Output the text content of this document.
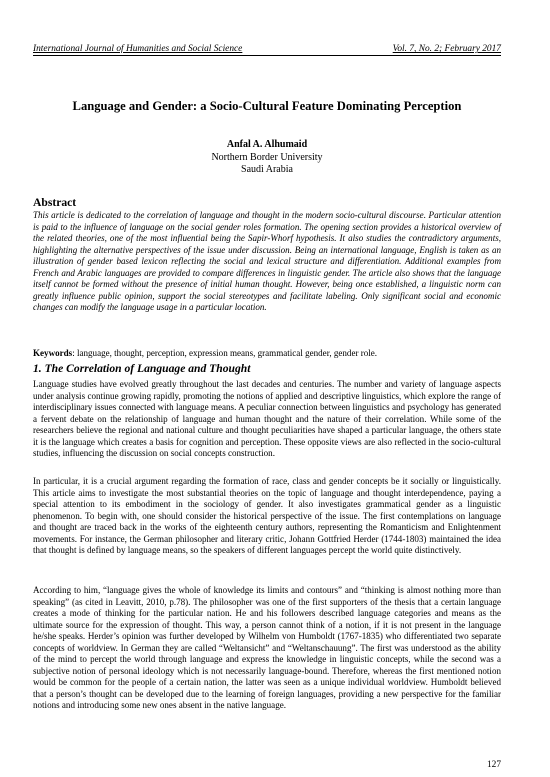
International Journal of Humanities and Social Science	Vol. 7, No. 2; February 2017
Language and Gender: a Socio-Cultural Feature Dominating Perception
Anfal A. Alhumaid
Northern Border University
Saudi Arabia
Abstract
This article is dedicated to the correlation of language and thought in the modern socio-cultural discourse. Particular attention is paid to the influence of language on the social gender roles formation. The opening section provides a historical overview of the related theories, one of the most influential being the Sapir-Whorf hypothesis. It also studies the contradictory arguments, highlighting the alternative perspectives of the issue under discussion. Being an international language, English is taken as an illustration of gender based lexicon reflecting the social and lexical structure and differentiation. Additional examples from French and Arabic languages are provided to compare differences in linguistic gender. The article also shows that the language itself cannot be formed without the presence of initial human thought. However, being once established, a linguistic norm can greatly influence public opinion, support the social stereotypes and facilitate labeling. Only significant social and economic changes can modify the language usage in a particular location.
Keywords: language, thought, perception, expression means, grammatical gender, gender role.
1. The Correlation of Language and Thought
Language studies have evolved greatly throughout the last decades and centuries. The number and variety of language aspects under analysis continue growing rapidly, promoting the notions of applied and descriptive linguistics, which explore the range of interdisciplinary issues connected with language means. A peculiar connection between linguistics and psychology has generated a fervent debate on the relationship of language and human thought and the nature of their correlation. While some of the researchers believe the regional and national culture and thought peculiarities have shaped a particular language, the others state it is the language which creates a basis for cognition and perception. These opposite views are also reflected in the socio-cultural studies, influencing the discussion on social concepts construction.
In particular, it is a crucial argument regarding the formation of race, class and gender concepts be it socially or linguistically. This article aims to investigate the most substantial theories on the topic of language and thought interdependence, paying a special attention to its embodiment in the sociology of gender. It also investigates grammatical gender as a linguistic phenomenon. To begin with, one should consider the historical perspective of the issue. The first contemplations on language and thought are traced back in the works of the eighteenth century authors, representing the Romanticism and Enlightenment movements. For instance, the German philosopher and literary critic, Johann Gottfried Herder (1744-1803) maintained the idea that thought is defined by language means, so the speakers of different languages percept the world quite distinctively.
According to him, “language gives the whole of knowledge its limits and contours” and “thinking is almost nothing more than speaking” (as cited in Leavitt, 2010, p.78). The philosopher was one of the first supporters of the thesis that a certain language creates a mode of thinking for the particular nation. He and his followers described language categories and means as the ultimate source for the expression of thought. This way, a person cannot think of a notion, if it is not present in the language he/she speaks. Herder’s opinion was further developed by Wilhelm von Humboldt (1767-1835) who differentiated two separate concepts of worldview. In German they are called “Weltansicht” and “Weltanschauung”. The first was understood as the ability of the mind to percept the world through language and express the knowledge in linguistic concepts, while the second was a subjective notion of personal ideology which is not necessarily language-bound. Therefore, whereas the first mentioned notion would be common for the people of a certain nation, the latter was seen as a unique individual worldview. Humboldt believed that a person’s thought can be developed due to the learning of foreign languages, providing a new perspective for the familiar notions and introducing some new ones absent in the native language.
127
